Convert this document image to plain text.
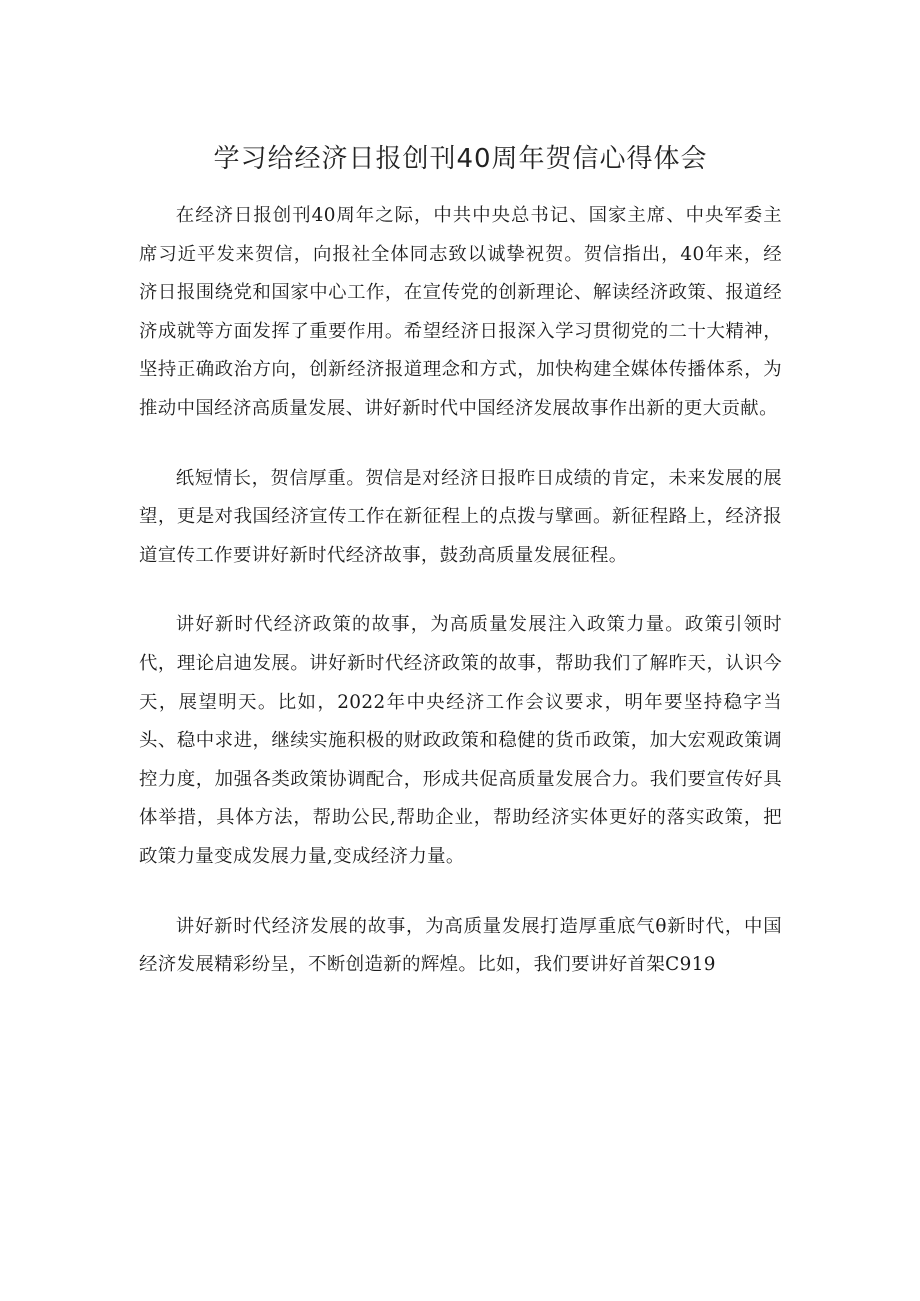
学习给经济日报创刊40周年贺信心得体会

在经济日报创刊40周年之际，中共中央总书记、国家主席、中央军委主席习近平发来贺信，向报社全体同志致以诚挚祝贺。贺信指出，40年来，经济日报围绕党和国家中心工作，在宣传党的创新理论、解读经济政策、报道经济成就等方面发挥了重要作用。希望经济日报深入学习贯彻党的二十大精神，坚持正确政治方向，创新经济报道理念和方式，加快构建全媒体传播体系，为推动中国经济高质量发展、讲好新时代中国经济发展故事作出新的更大贡献。

纸短情长，贺信厚重。贺信是对经济日报昨日成绩的肯定，未来发展的展望，更是对我国经济宣传工作在新征程上的点拨与擘画。新征程路上，经济报道宣传工作要讲好新时代经济故事，鼓劲高质量发展征程。

讲好新时代经济政策的故事，为高质量发展注入政策力量。政策引领时代，理论启迪发展。讲好新时代经济政策的故事，帮助我们了解昨天，认识今天，展望明天。比如，2022年中央经济工作会议要求，明年要坚持稳字当头、稳中求进，继续实施积极的财政政策和稳健的货币政策，加大宏观政策调控力度，加强各类政策协调配合，形成共促高质量发展合力。我们要宣传好具体举措，具体方法，帮助公民,帮助企业，帮助经济实体更好的落实政策，把政策力量变成发展力量,变成经济力量。

讲好新时代经济发展的故事，为高质量发展打造厚重底气θ新时代，中国经济发展精彩纷呈，不断创造新的辉煌。比如，我们要讲好首架C919
